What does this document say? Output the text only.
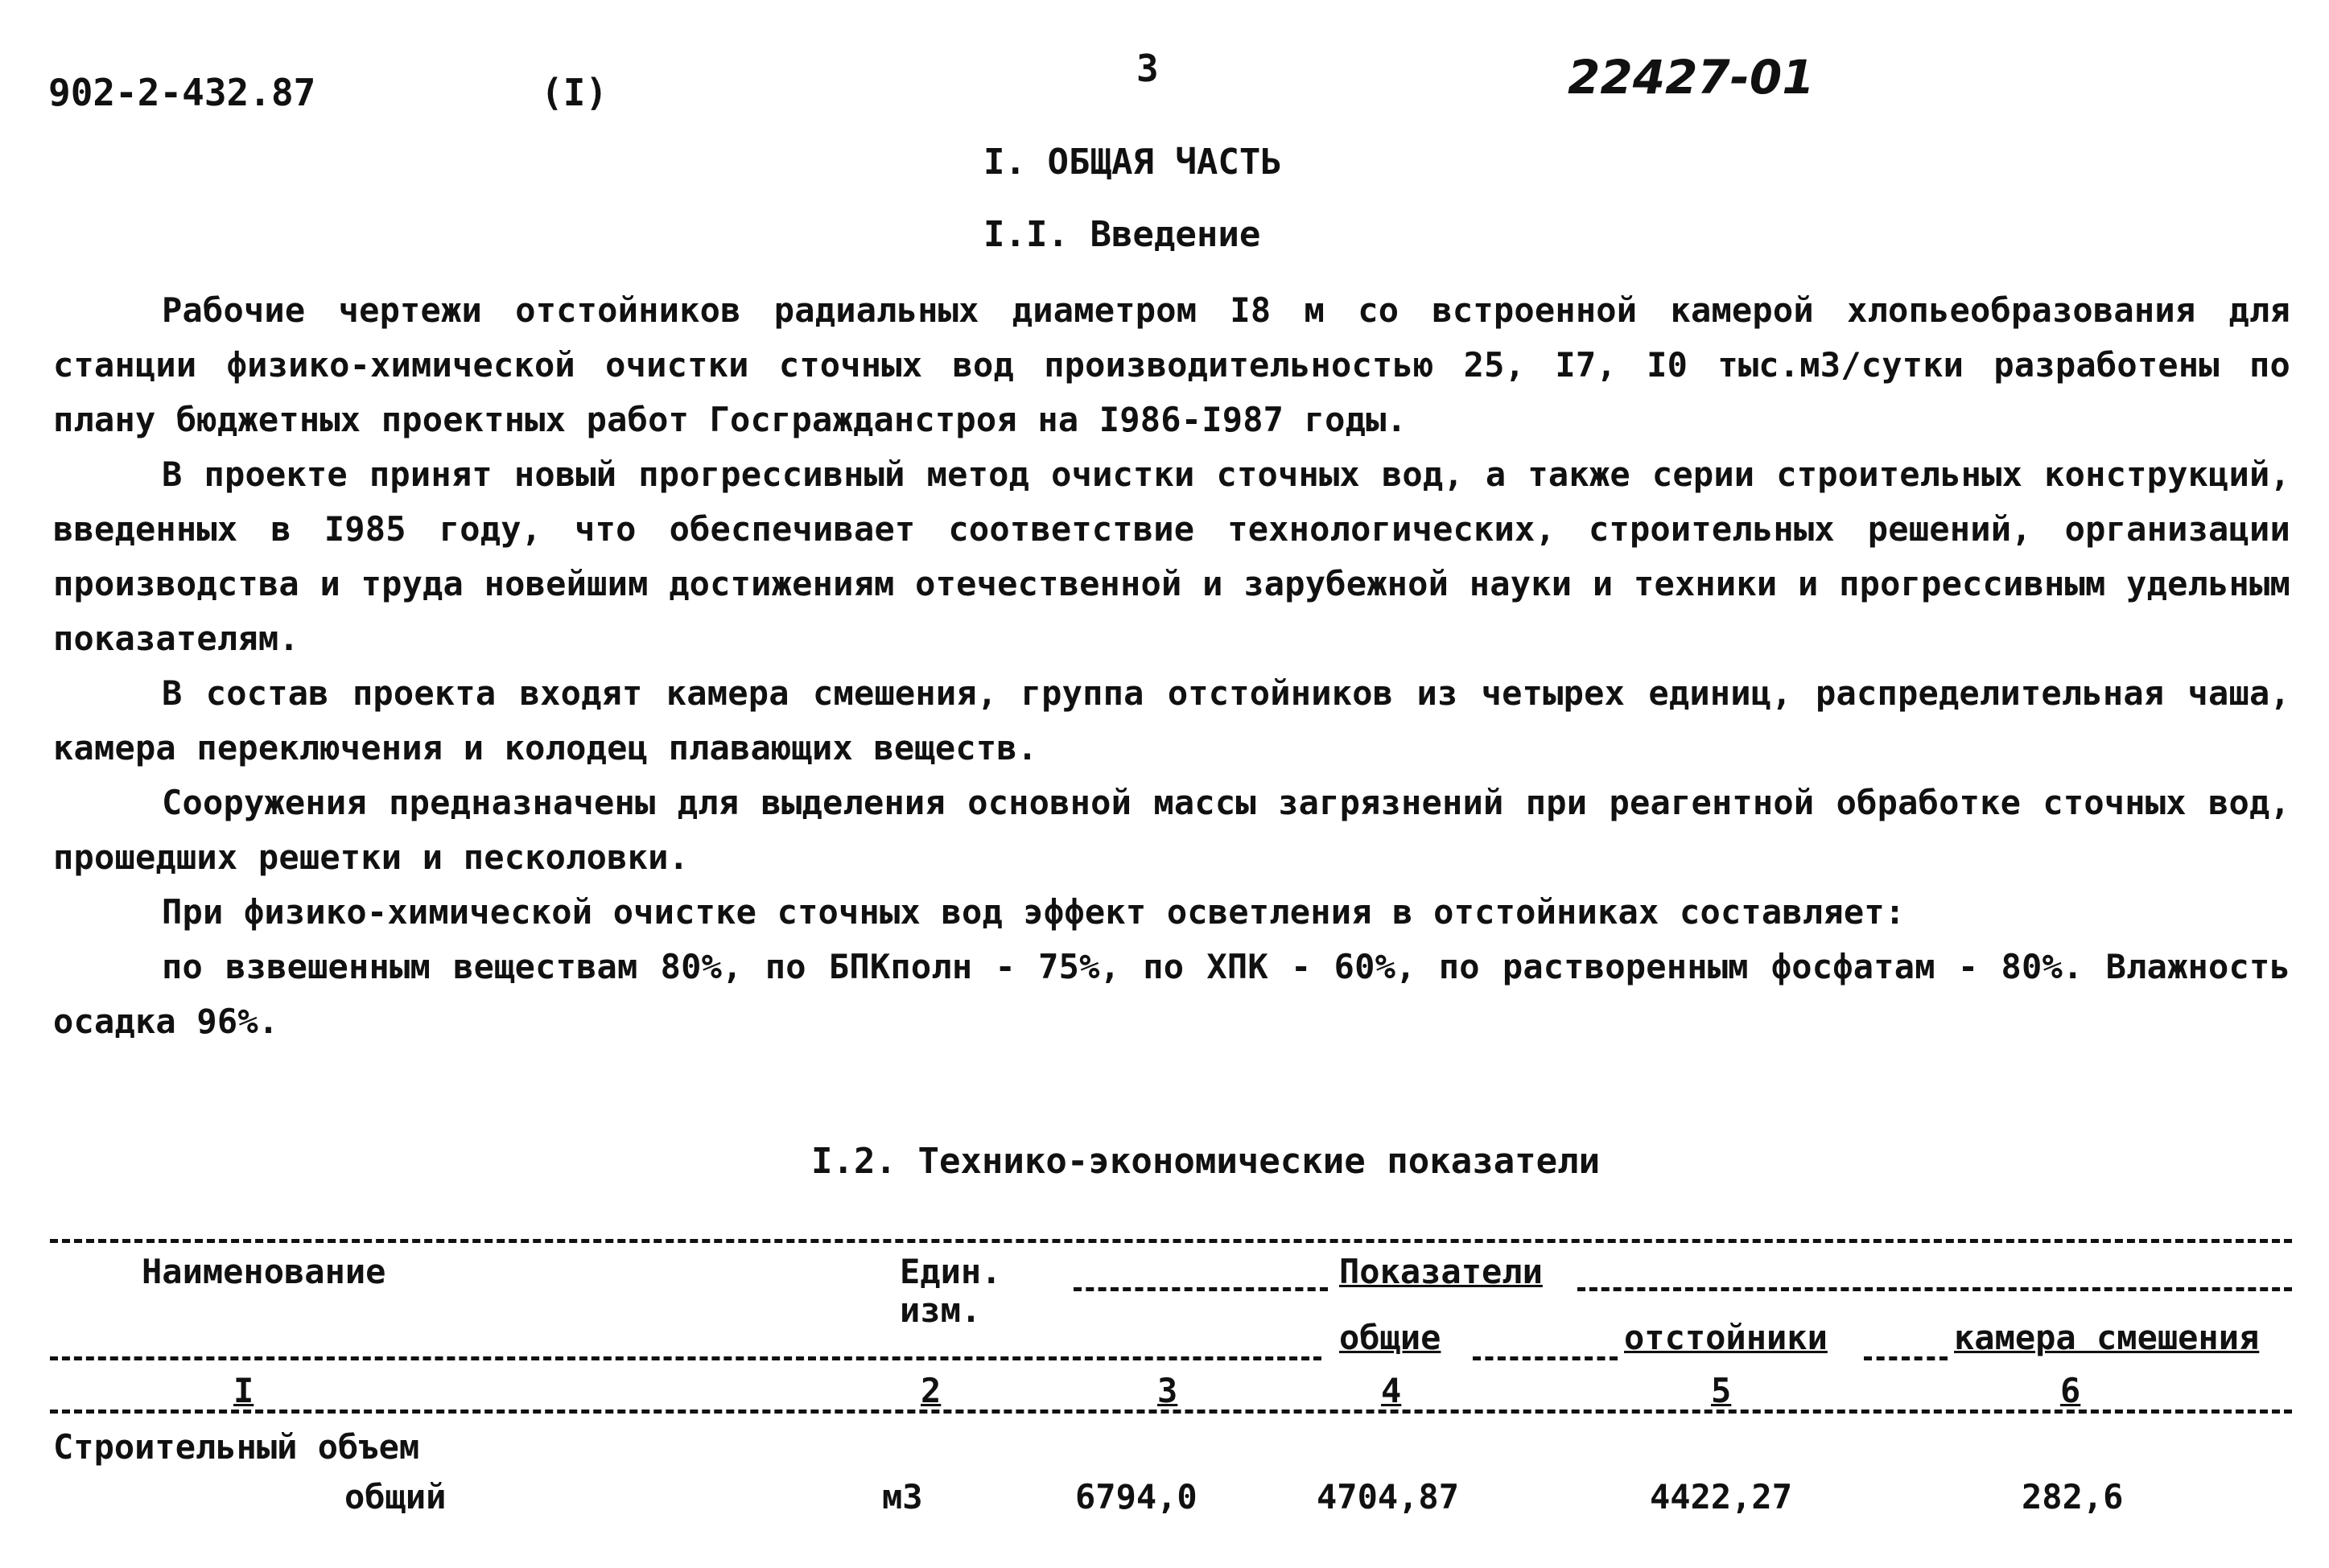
902-2-432.87	(I)
3	22427-01
I. ОБЩАЯ ЧАСТЬ
I.I. Введение

Рабочие чертежи отстойников радиальных диаметром I8 м со встроенной камерой хлопьеобразования для станции физико-химической очистки сточных вод производительностью 25, I7, I0 тыс.м3/сутки разработены по плану бюджетных проектных работ Госгражданстроя на I986-I987 годы.

В проекте принят новый прогрессивный метод очистки сточных вод, а также серии строительных конструкций, введенных в I985 году, что обеспечивает соответствие технологических, строительных решений, организации производства и труда новейшим достижениям отечественной и зарубежной науки и техники и прогрессивным удельным показателям.

В состав проекта входят камера смешения, группа отстойников из четырех единиц, распределительная чаша, камера переключения и колодец плавающих веществ.

Сооружения предназначены для выделения основной массы загрязнений при реагентной обработке сточных вод, прошедших решетки и песколовки.

При физико-химической очистке сточных вод эффект осветления в отстойниках составляет:

по взвешенным веществам 80%, по БПКполн - 75%, по ХПК - 60%, по растворенным фосфатам - 80%. Влажность осадка 96%.

I.2. Технико-экономические показатели
Наименование	Един.
изм.
Показатели
общие	отстойники	камера смешения
I	2	3	4	5	6
Строительный объем
общий	м3	6794,0	4704,87	4422,27	282,6
